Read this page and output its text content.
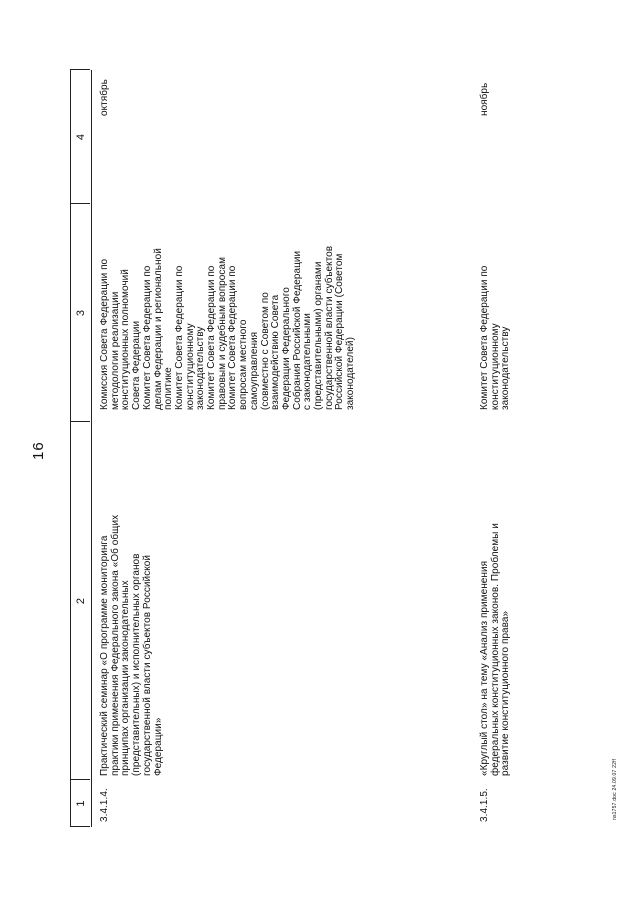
16
1
2
3
4
3.4.1.4.
Практический семинар «О программе мониторинга
практики применения Федерального закона «Об общих
принципах организации законодательных
(представительных) и исполнительных органов
государственной власти субъектов Российской
Федерации»
Комиссия Совета Федерации по
методологии реализации
конституционных полномочий
Совета Федерации
Комитет Совета Федерации по
делам Федерации и региональной
политике
Комитет Совета Федерации по
конституционному
законодательству
Комитет Совета Федерации по
правовым и судебным вопросам
Комитет Совета Федерации по
вопросам местного
самоуправления
(совместно с Советом по
взаимодействию Совета
Федерации Федерального
Собрания Российской Федерации
с законодательными
(представительными) органами
государственной власти субъектов
Российской Федерации (Советом
законодателей)
октябрь
3.4.1.5.
«Круглый стол» на тему «Анализ применения
федеральных конституционных законов. Проблемы и
развитие конституционного права»
Комитет Совета Федерации по
конституционному
законодательству
ноябрь
ns1757.doc 24.09.07 22ff
